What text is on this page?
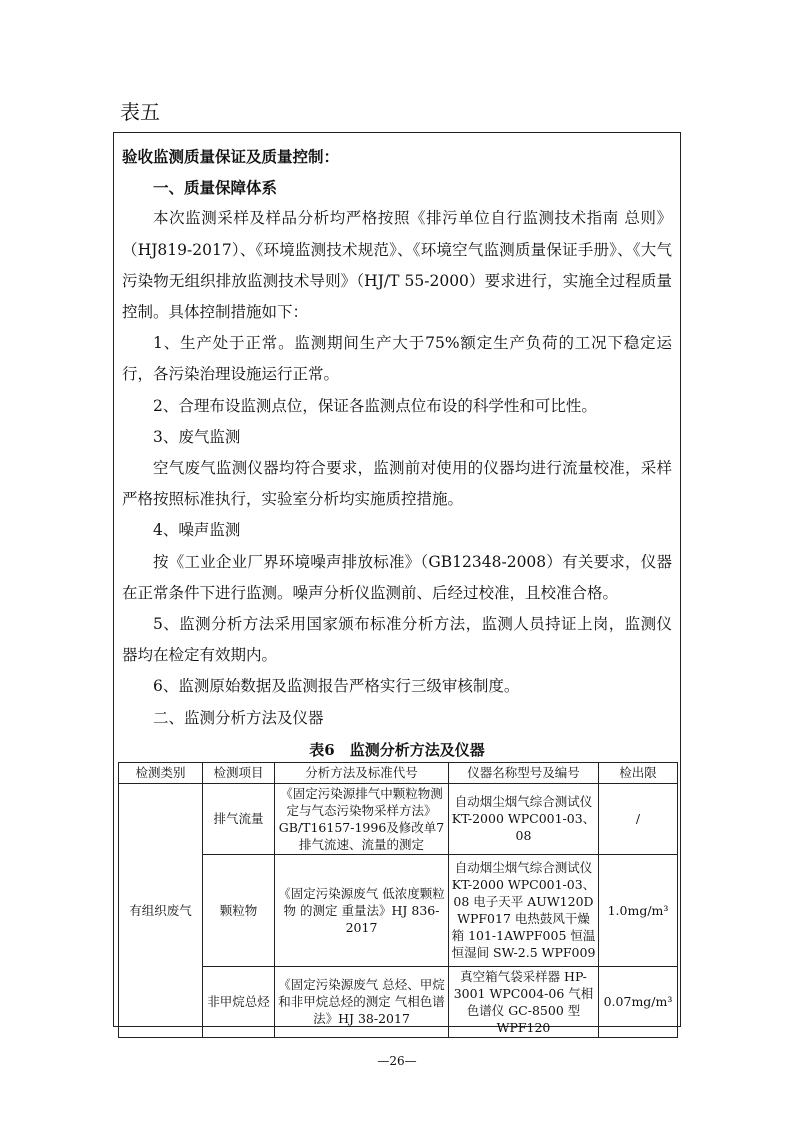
表五

验收监测质量保证及质量控制：

一、质量保障体系

本次监测采样及样品分析均严格按照《排污单位自行监测技术指南 总则》（HJ819-2017）、《环境监测技术规范》、《环境空气监测质量保证手册》、《大气污染物无组织排放监测技术导则》（HJ/T 55-2000）要求进行，实施全过程质量控制。具体控制措施如下：

1、生产处于正常。监测期间生产大于75%额定生产负荷的工况下稳定运行，各污染治理设施运行正常。

2、合理布设监测点位，保证各监测点位布设的科学性和可比性。

3、废气监测

空气废气监测仪器均符合要求，监测前对使用的仪器均进行流量校准，采样严格按照标准执行，实验室分析均实施质控措施。

4、噪声监测

按《工业企业厂界环境噪声排放标准》（GB12348-2008）有关要求，仪器在正常条件下进行监测。噪声分析仪监测前、后经过校准，且校准合格。

5、监测分析方法采用国家颁布标准分析方法，监测人员持证上岗，监测仪器均在检定有效期内。

6、监测原始数据及监测报告严格实行三级审核制度。

二、监测分析方法及仪器

表6　监测分析方法及仪器
检测类别	检测项目	分析方法及标准代号	仪器名称型号及编号	检出限
有组织废气	排气流量	《固定污染源排气中颗粒物测定与气态污染物采样方法》GB/T16157-1996及修改单7排气流速、流量的测定	自动烟尘烟气综合测试仪 KT-2000 WPC001-03、08	/
	颗粒物	《固定污染源废气 低浓度颗粒物 的测定 重量法》HJ 836-2017	自动烟尘烟气综合测试仪 KT-2000 WPC001-03、08 电子天平 AUW120D WPF017 电热鼓风干燥箱 101-1AWPF005 恒温恒湿间 SW-2.5 WPF009	1.0mg/m³
	非甲烷总烃	《固定污染源废气 总烃、甲烷和非甲烷总烃的测定 气相色谱法》HJ 38-2017	真空箱气袋采样器 HP-3001 WPC004-06 气相色谱仪 GC-8500 型 WPF120	0.07mg/m³
—26—
